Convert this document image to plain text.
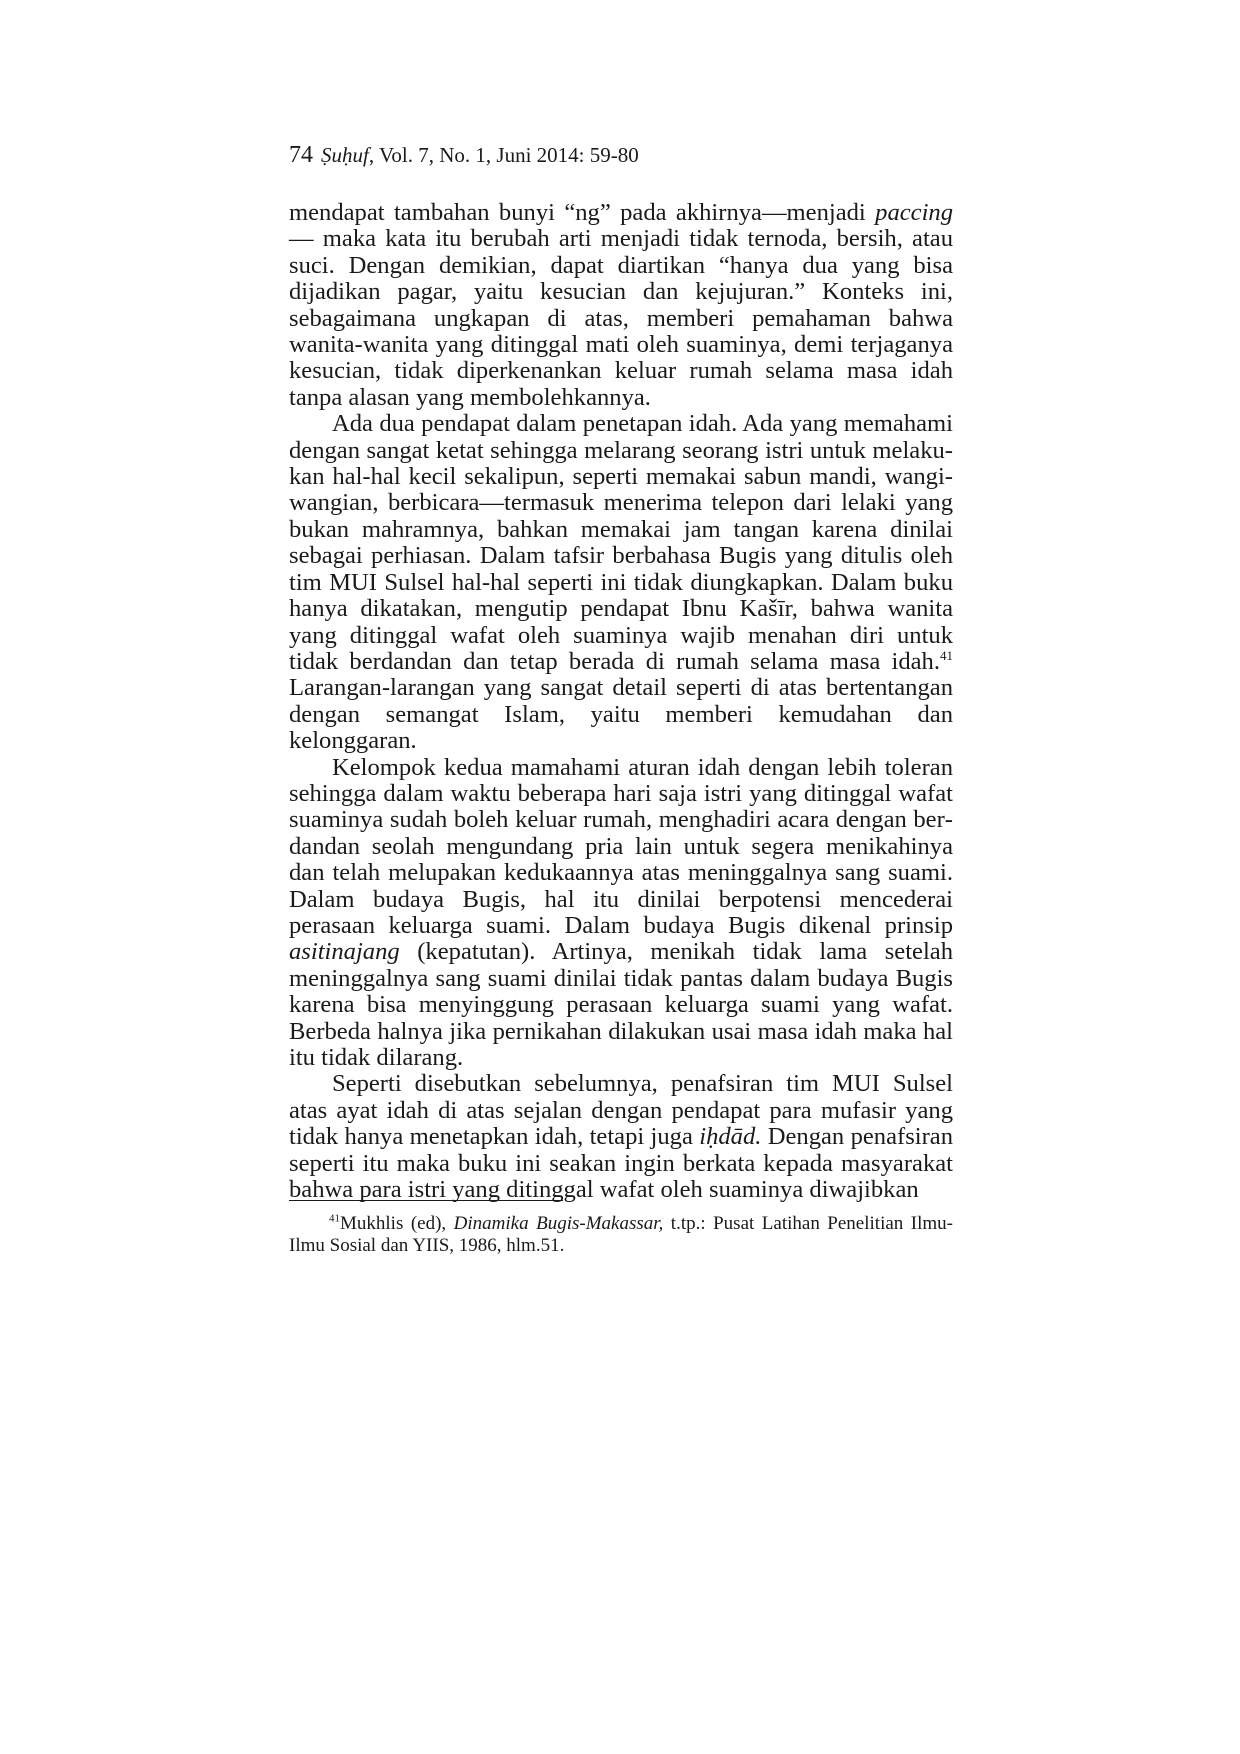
74 Ṣuḥuf, Vol. 7, No. 1, Juni 2014: 59-80

mendapat tambahan bunyi “ng” pada akhirnya—menjadi paccing— maka kata itu berubah arti menjadi tidak ternoda, bersih, atau suci. Dengan demikian, dapat diartikan “hanya dua yang bisa dijadikan pagar, yaitu kesucian dan kejujuran.” Konteks ini, sebagaimana ungkapan di atas, memberi pemahaman bahwa wanita-wanita yang ditinggal mati oleh suaminya, demi terjaganya kesucian, tidak diperkenankan keluar rumah selama masa idah tanpa alasan yang membolehkannya.

Ada dua pendapat dalam penetapan idah. Ada yang memahami dengan sangat ketat sehingga melarang seorang istri untuk melakukan hal-hal kecil sekalipun, seperti memakai sabun mandi, wangi-wangian, berbicara—termasuk menerima telepon dari lelaki yang bukan mahramnya, bahkan memakai jam tangan karena dinilai sebagai perhiasan. Dalam tafsir berbahasa Bugis yang ditulis oleh tim MUI Sulsel hal-hal seperti ini tidak diungkapkan. Dalam buku hanya dikatakan, mengutip pendapat Ibnu Kašīr, bahwa wanita yang ditinggal wafat oleh suaminya wajib menahan diri untuk tidak berdandan dan tetap berada di rumah selama masa idah.$^{41}$ Larangan-larangan yang sangat detail seperti di atas bertentangan dengan semangat Islam, yaitu memberi kemudahan dan kelonggaran.

Kelompok kedua mamahami aturan idah dengan lebih toleran sehingga dalam waktu beberapa hari saja istri yang ditinggal wafat suaminya sudah boleh keluar rumah, menghadiri acara dengan berdandan seolah mengundang pria lain untuk segera menikahinya dan telah melupakan kedukaannya atas meninggalnya sang suami. Dalam budaya Bugis, hal itu dinilai berpotensi mencederai perasaan keluarga suami. Dalam budaya Bugis dikenal prinsip asitinajang (kepatutan). Artinya, menikah tidak lama setelah meninggalnya sang suami dinilai tidak pantas dalam budaya Bugis karena bisa menyinggung perasaan keluarga suami yang wafat. Berbeda halnya jika pernikahan dilakukan usai masa idah maka hal itu tidak dilarang.

Seperti disebutkan sebelumnya, penafsiran tim MUI Sulsel atas ayat idah di atas sejalan dengan pendapat para mufasir yang tidak hanya menetapkan idah, tetapi juga iḥdād. Dengan penafsiran seperti itu maka buku ini seakan ingin berkata kepada masyarakat bahwa para istri yang ditinggal wafat oleh suaminya diwajibkan

$^{41}$Mukhlis (ed), Dinamika Bugis-Makassar, t.tp.: Pusat Latihan Penelitian Ilmu-Ilmu Sosial dan YIIS, 1986, hlm.51.
